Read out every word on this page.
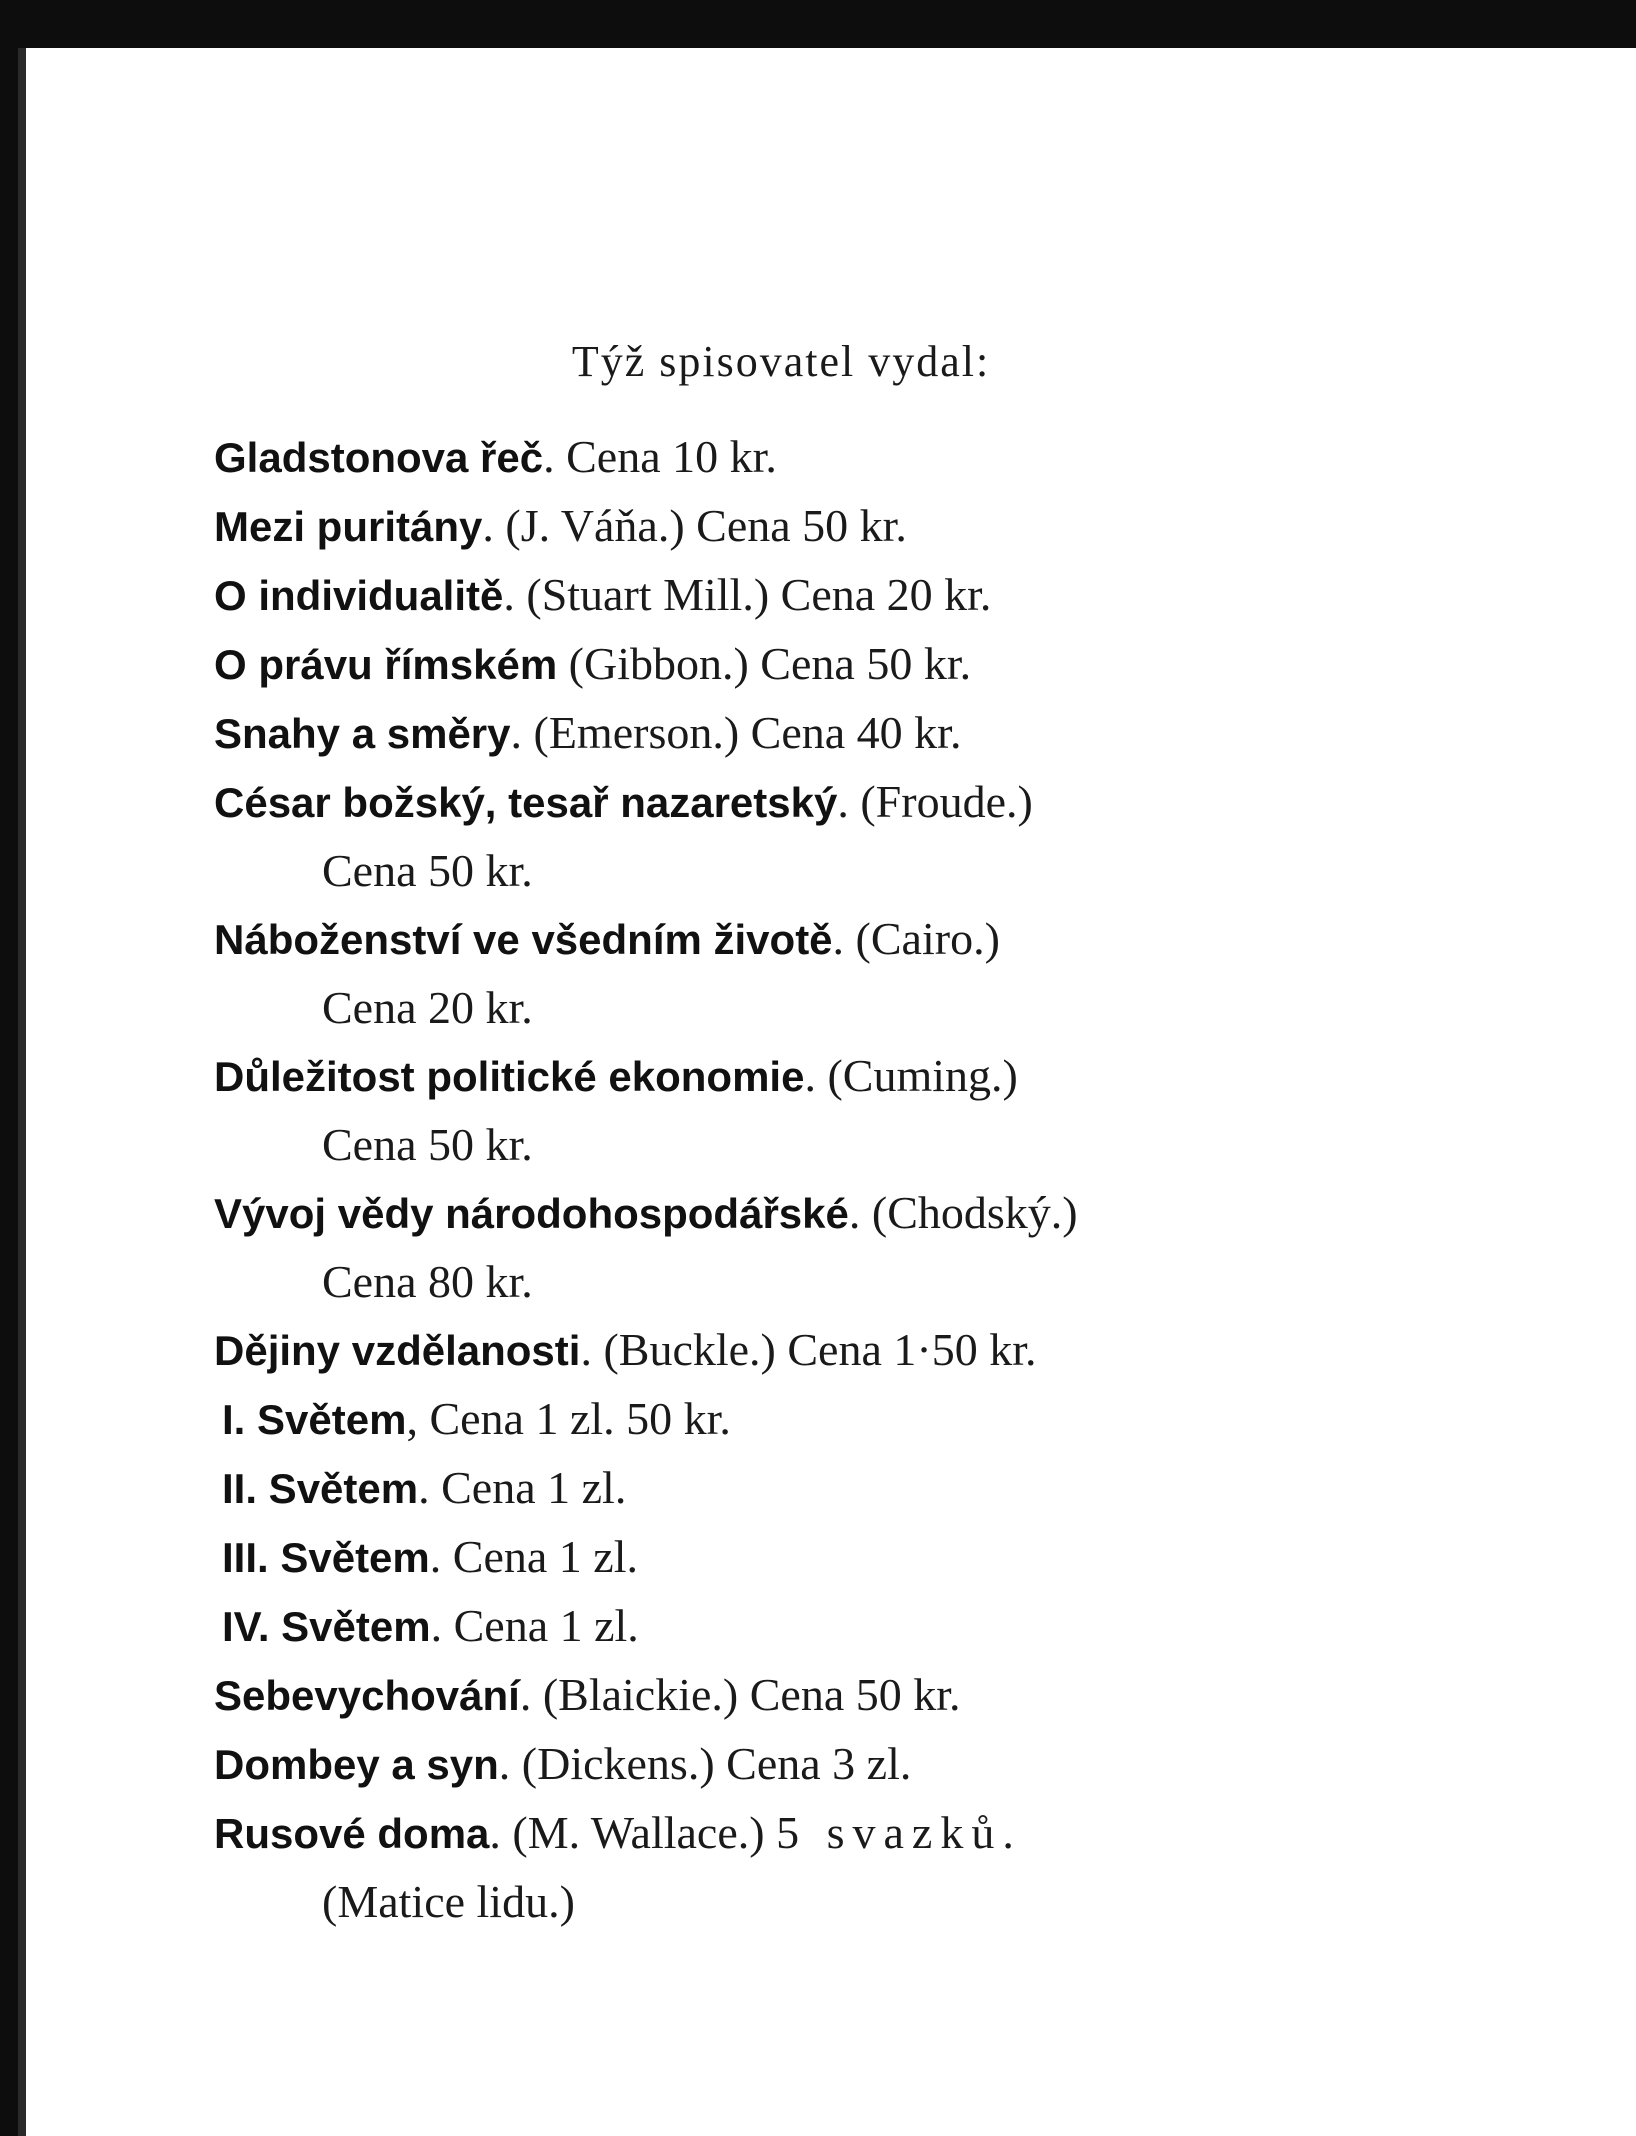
Týž spisovatel vydal:
Gladstonova řeč. Cena 10 kr.
Mezi puritány. (J. Váňa.) Cena 50 kr.
O individualitě. (Stuart Mill.) Cena 20 kr.
O právu římském (Gibbon.) Cena 50 kr.
Snahy a směry. (Emerson.) Cena 40 kr.
César božský, tesař nazaretský. (Froude.)
Cena 50 kr.
Náboženství ve všedním životě. (Cairo.)
Cena 20 kr.
Důležitost politické ekonomie. (Cuming.)
Cena 50 kr.
Vývoj vědy národohospodářské. (Chodský.)
Cena 80 kr.
Dějiny vzdělanosti. (Buckle.) Cena 1·50 kr.
I. Světem, Cena 1 zl. 50 kr.
II. Světem. Cena 1 zl.
III. Světem. Cena 1 zl.
IV. Světem. Cena 1 zl.
Sebevychování. (Blaickie.) Cena 50 kr.
Dombey a syn. (Dickens.) Cena 3 zl.
Rusové doma. (M. Wallace.) 5 svazků.
(Matice lidu.)
